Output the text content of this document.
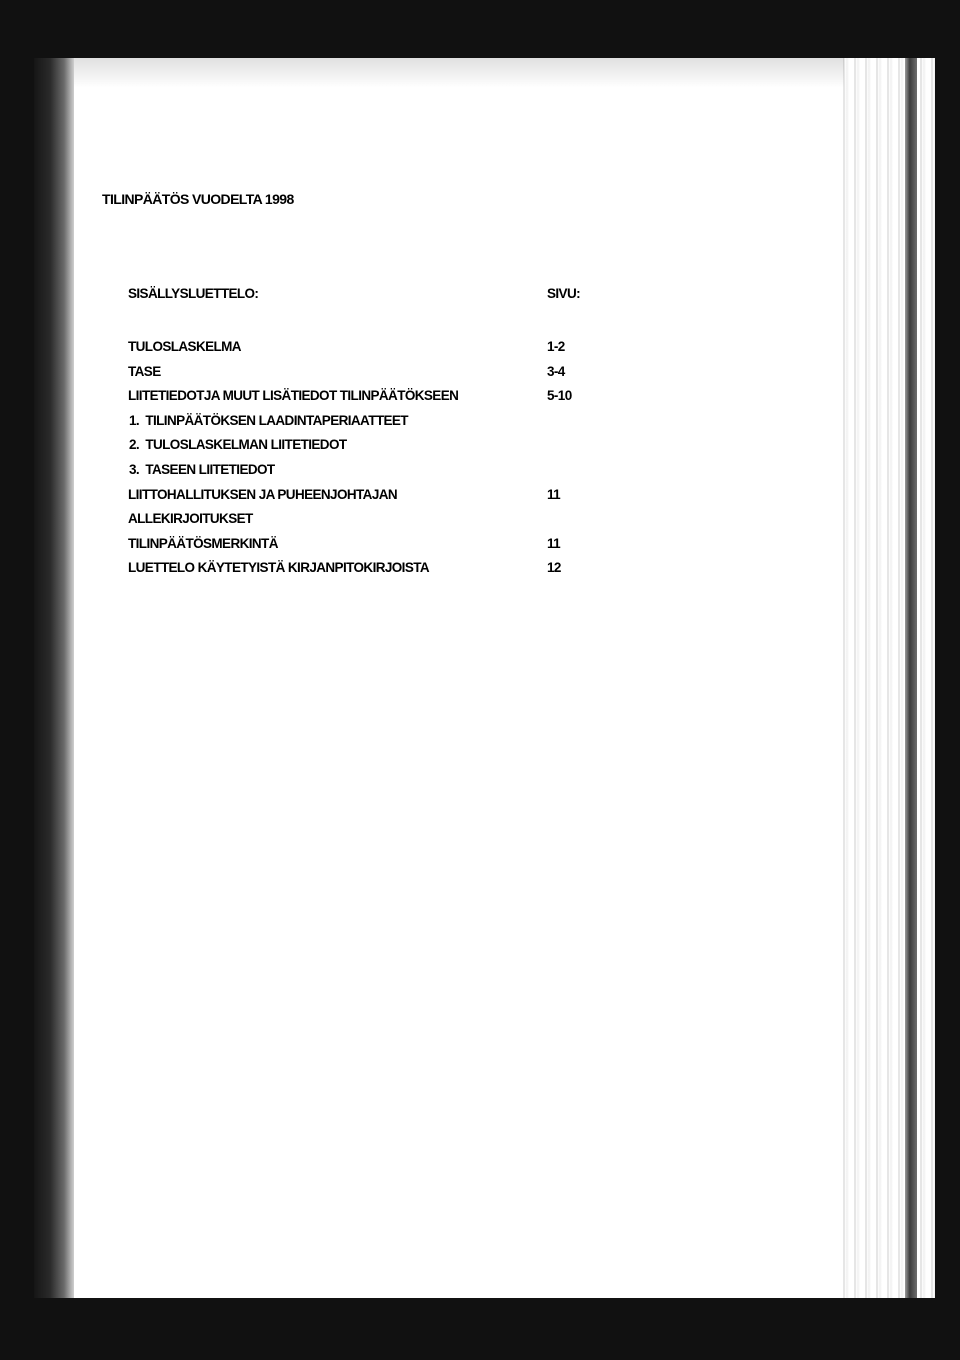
TILINPÄÄTÖS VUODELTA 1998
SISÄLLYSLUETTELO:	SIVU:
TULOSLASKELMA	1-2
TASE	3-4
LIITETIEDOTJA MUUT LISÄTIEDOT TILINPÄÄTÖKSEEN	5-10
1.  TILINPÄÄTÖKSEN LAADINTAPERIAATTEET
2.  TULOSLASKELMAN LIITETIEDOT
3.  TASEEN LIITETIEDOT
LIITTOHALLITUKSEN JA PUHEENJOHTAJAN	11
ALLEKIRJOITUKSET
TILINPÄÄTÖSMERKINTÄ	11
LUETTELO KÄYTETYISTÄ KIRJANPITOKIRJOISTA	12
